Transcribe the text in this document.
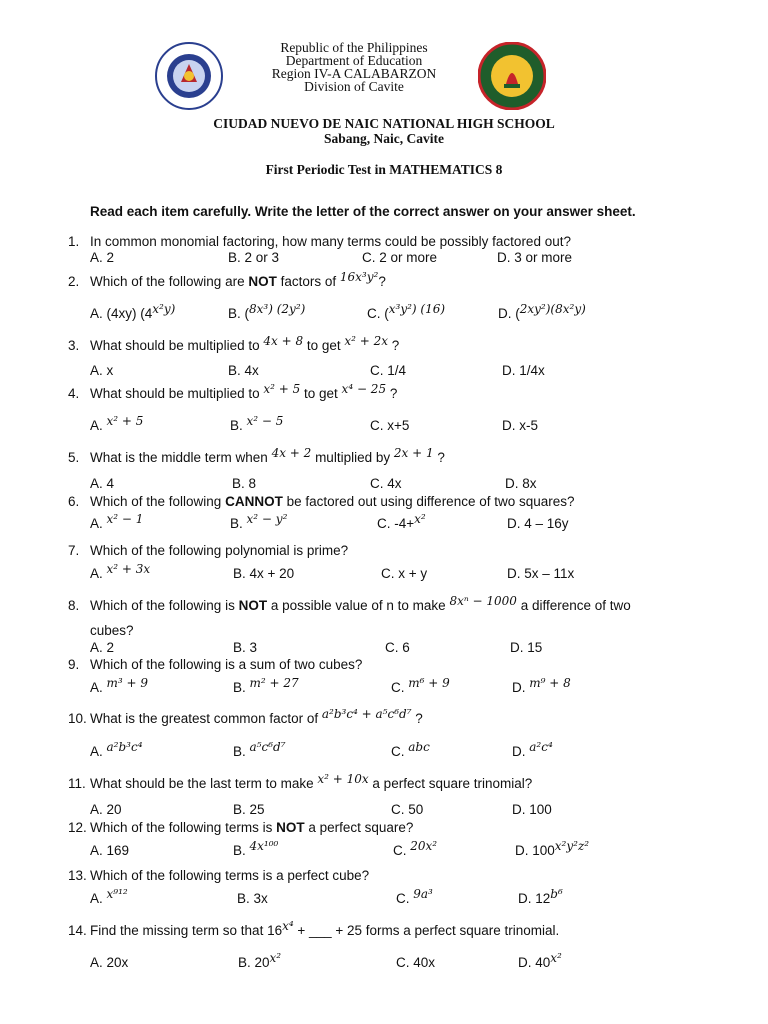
Republic of the Philippines
Department of Education
Region IV-A CALABARZON
Division of Cavite
CIUDAD NUEVO DE NAIC NATIONAL HIGH SCHOOL
Sabang, Naic, Cavite
First Periodic Test in MATHEMATICS 8
Read each item carefully. Write the letter of the correct answer on your answer sheet.
1. In common monomial factoring, how many terms could be possibly factored out?
A. 2	B. 2 or 3	C. 2 or more	D. 3 or more
2. Which of the following are NOT factors of 16x³y²?
A. (4xy) (4x²y)	B. (8x³) (2y²)	C. (x³y²) (16)	D. (2xy²)(8x²y)
3. What should be multiplied to 4x + 8 to get x² + 2x ?
A. x	B. 4x	C. 1/4	D. 1/4x
4. What should be multiplied to x² + 5 to get x⁴ − 25 ?
A. x² + 5	B. x² − 5	C. x+5	D. x-5
5. What is the middle term when 4x + 2 multiplied by 2x + 1 ?
A. 4	B. 8	C. 4x	D. 8x
6. Which of the following CANNOT be factored out using difference of two squares?
A. x² − 1	B. x² − y²	C. -4+x²	D. 4 – 16y
7. Which of the following polynomial is prime?
A. x² + 3x	B. 4x + 20	C. x + y	D. 5x – 11x
8. Which of the following is NOT a possible value of n to make 8xⁿ − 1000 a difference of two
cubes?
A. 2	B. 3	C. 6	D. 15
9. Which of the following is a sum of two cubes?
A. m³ + 9	B. m² + 27	C. m⁶ + 9	D. m⁹ + 8
10. What is the greatest common factor of a²b³c⁴ + a⁵c⁶d⁷ ?
A. a²b³c⁴	B. a⁵c⁶d⁷	C. abc	D. a²c⁴
11. What should be the last term to make x² + 10x a perfect square trinomial?
A. 20	B. 25	C. 50	D. 100
12. Which of the following terms is NOT a perfect square?
A. 169	B. 4x¹⁰⁰	C. 20x²	D. 100x²y²z²
13. Which of the following terms is a perfect cube?
A. x⁹¹²	B. 3x	C. 9a³	D. 12b⁶
14. Find the missing term so that 16x⁴ + ___ + 25 forms a perfect square trinomial.
A. 20x	B. 20x²	C. 40x	D. 40x²
